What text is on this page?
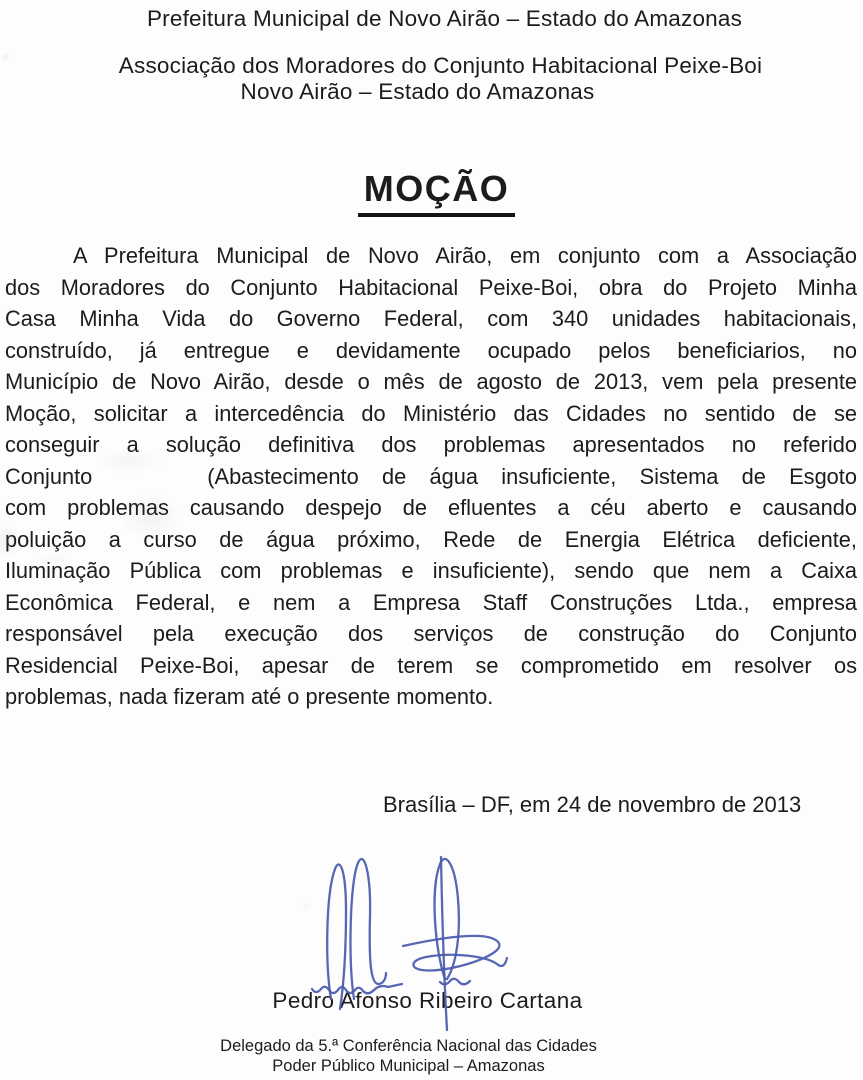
Prefeitura Municipal de Novo Airão – Estado do Amazonas
Associação dos Moradores do Conjunto Habitacional Peixe-Boi
Novo Airão – Estado do Amazonas
MOÇÃO
A Prefeitura Municipal de Novo Airão, em conjunto com a Associação
dos Moradores do Conjunto Habitacional Peixe-Boi, obra do Projeto Minha
Casa Minha Vida do Governo Federal, com 340 unidades habitacionais,
construído, já entregue e devidamente ocupado pelos beneficiarios, no
Município de Novo Airão, desde o mês de agosto de 2013, vem pela presente
Moção, solicitar a intercedência do Ministério das Cidades no sentido de se
conseguir a solução definitiva dos problemas apresentados no referido
Conjunto	(Abastecimento de água insuficiente, Sistema de Esgoto
com problemas causando despejo de efluentes a céu aberto e causando
poluição a curso de água próximo, Rede de Energia Elétrica deficiente,
Iluminação Pública com problemas e insuficiente), sendo que nem a Caixa
Econômica Federal, e nem a Empresa Staff Construções Ltda., empresa
responsável pela execução dos serviços de construção do Conjunto
Residencial Peixe-Boi, apesar de terem se comprometido em resolver os
problemas, nada fizeram até o presente momento.
Brasília – DF, em 24 de novembro de 2013
Pedro Afonso Ribeiro Cartana
Delegado da 5.ª Conferência Nacional das Cidades
Poder Público Municipal – Amazonas
